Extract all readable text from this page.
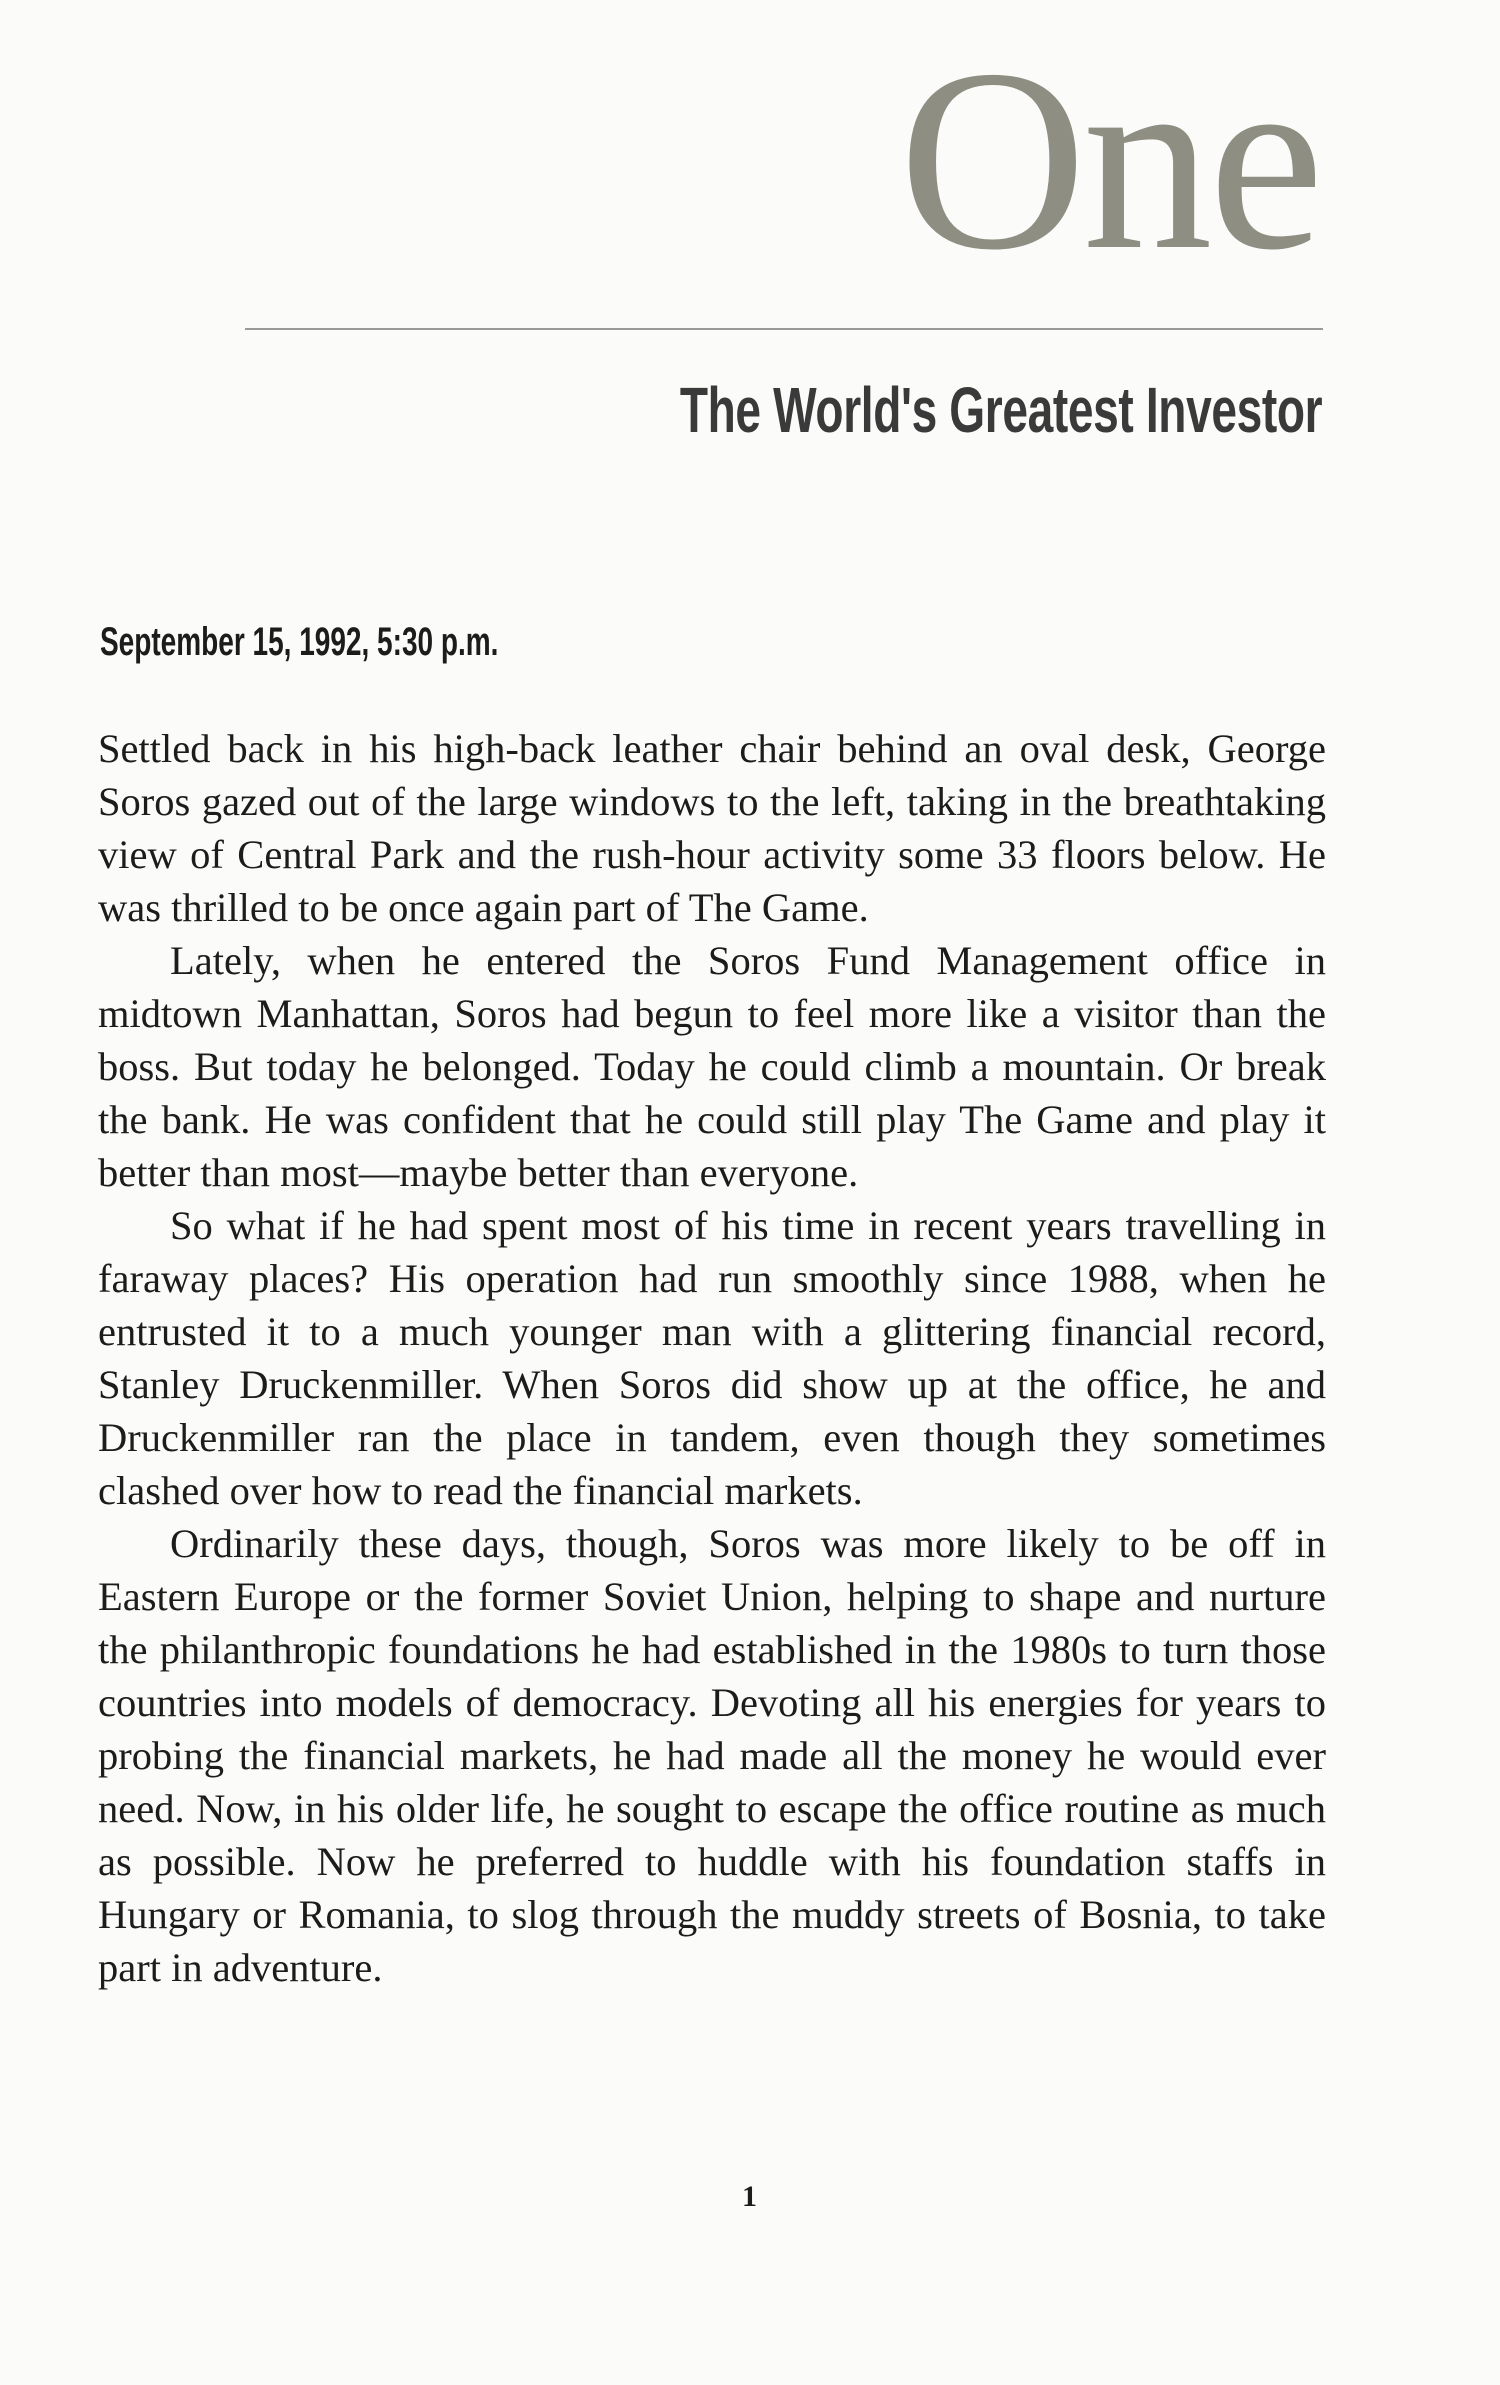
One
The World's Greatest Investor
September 15, 1992, 5:30 p.m.

Settled back in his high-back leather chair behind an oval desk, George Soros gazed out of the large windows to the left, taking in the breathtaking view of Central Park and the rush-hour activity some 33 floors below. He was thrilled to be once again part of The Game.

Lately, when he entered the Soros Fund Management office in midtown Manhattan, Soros had begun to feel more like a visitor than the boss. But today he belonged. Today he could climb a mountain. Or break the bank. He was confident that he could still play The Game and play it better than most—maybe better than everyone.

So what if he had spent most of his time in recent years travelling in faraway places? His operation had run smoothly since 1988, when he entrusted it to a much younger man with a glittering financial record, Stanley Druckenmiller. When Soros did show up at the office, he and Druckenmiller ran the place in tandem, even though they sometimes clashed over how to read the financial markets.

Ordinarily these days, though, Soros was more likely to be off in Eastern Europe or the former Soviet Union, helping to shape and nurture the philanthropic foundations he had established in the 1980s to turn those countries into models of democracy. Devoting all his energies for years to probing the financial markets, he had made all the money he would ever need. Now, in his older life, he sought to escape the office routine as much as possible. Now he preferred to huddle with his foundation staffs in Hungary or Romania, to slog through the muddy streets of Bosnia, to take part in adventure.

1
